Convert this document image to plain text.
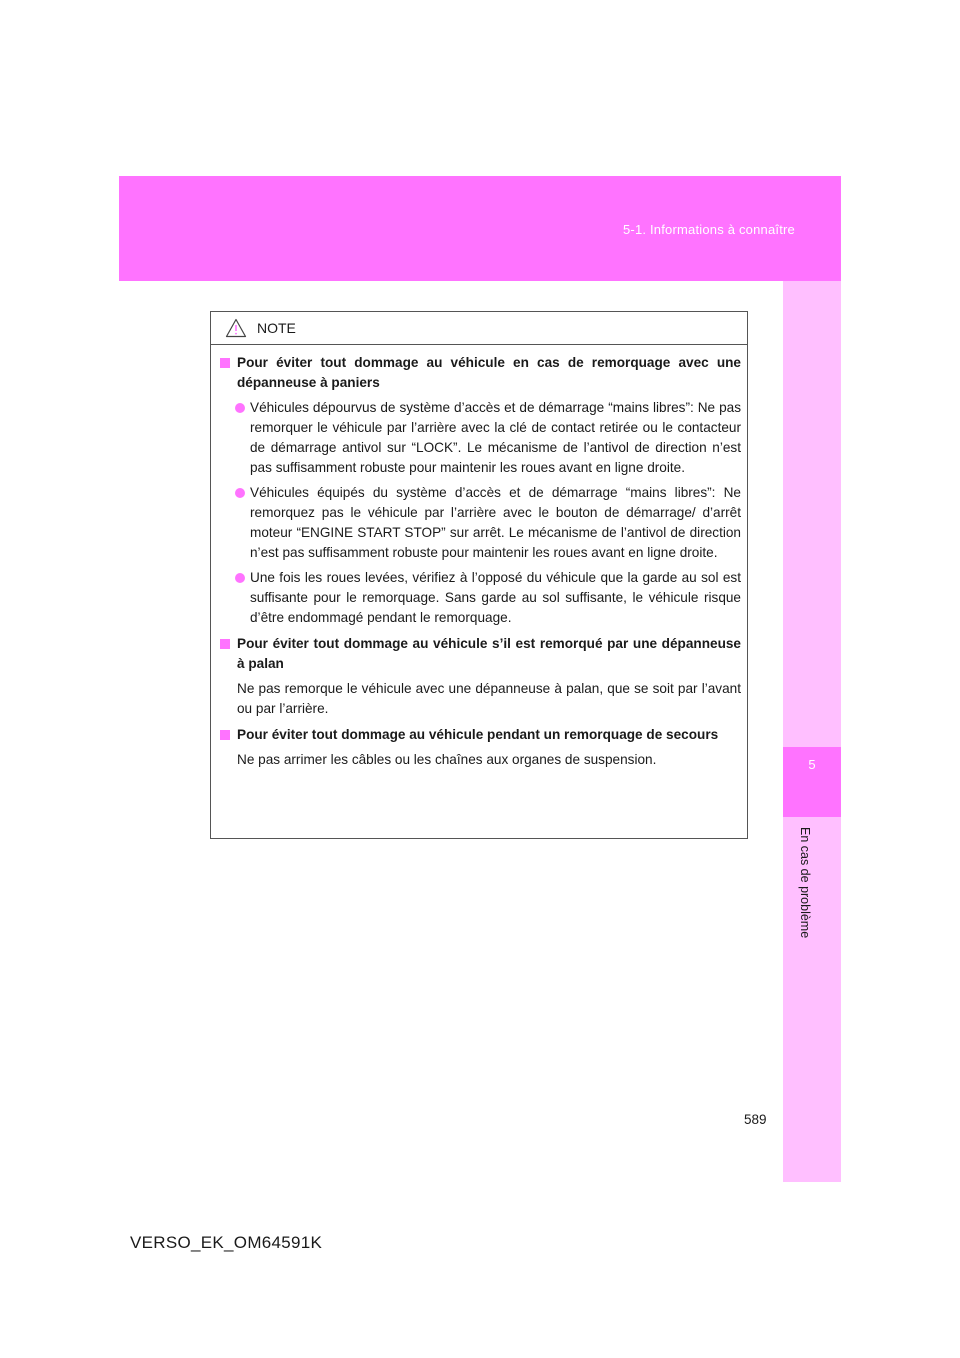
5-1. Informations à connaître
5
En cas de problème
NOTE
Pour éviter tout dommage au véhicule en cas de remorquage avec une dépanneuse à paniers
Véhicules dépourvus de système d’accès et de démarrage “mains libres”: Ne pas remorquer le véhicule par l’arrière avec la clé de contact retirée ou le contacteur de démarrage antivol sur “LOCK”. Le mécanisme de l’antivol de direction n’est pas suffisamment robuste pour maintenir les roues avant en ligne droite.
Véhicules équipés du système d’accès et de démarrage “mains libres”: Ne remorquez pas le véhicule par l’arrière avec le bouton de démarrage/ d’arrêt moteur “ENGINE START STOP” sur arrêt. Le mécanisme de l’antivol de direction n’est pas suffisamment robuste pour maintenir les roues avant en ligne droite.
Une fois les roues levées, vérifiez à l’opposé du véhicule que la garde au sol est suffisante pour le remorquage. Sans garde au sol suffisante, le véhicule risque d’être endommagé pendant le remorquage.
Pour éviter tout dommage au véhicule s’il est remorqué par une dépanneuse à palan
Ne pas remorque le véhicule avec une dépanneuse à palan, que se soit par l’avant ou par l’arrière.
Pour éviter tout dommage au véhicule pendant un remorquage de secours
Ne pas arrimer les câbles ou les chaînes aux organes de suspension.
589
VERSO_EK_OM64591K
